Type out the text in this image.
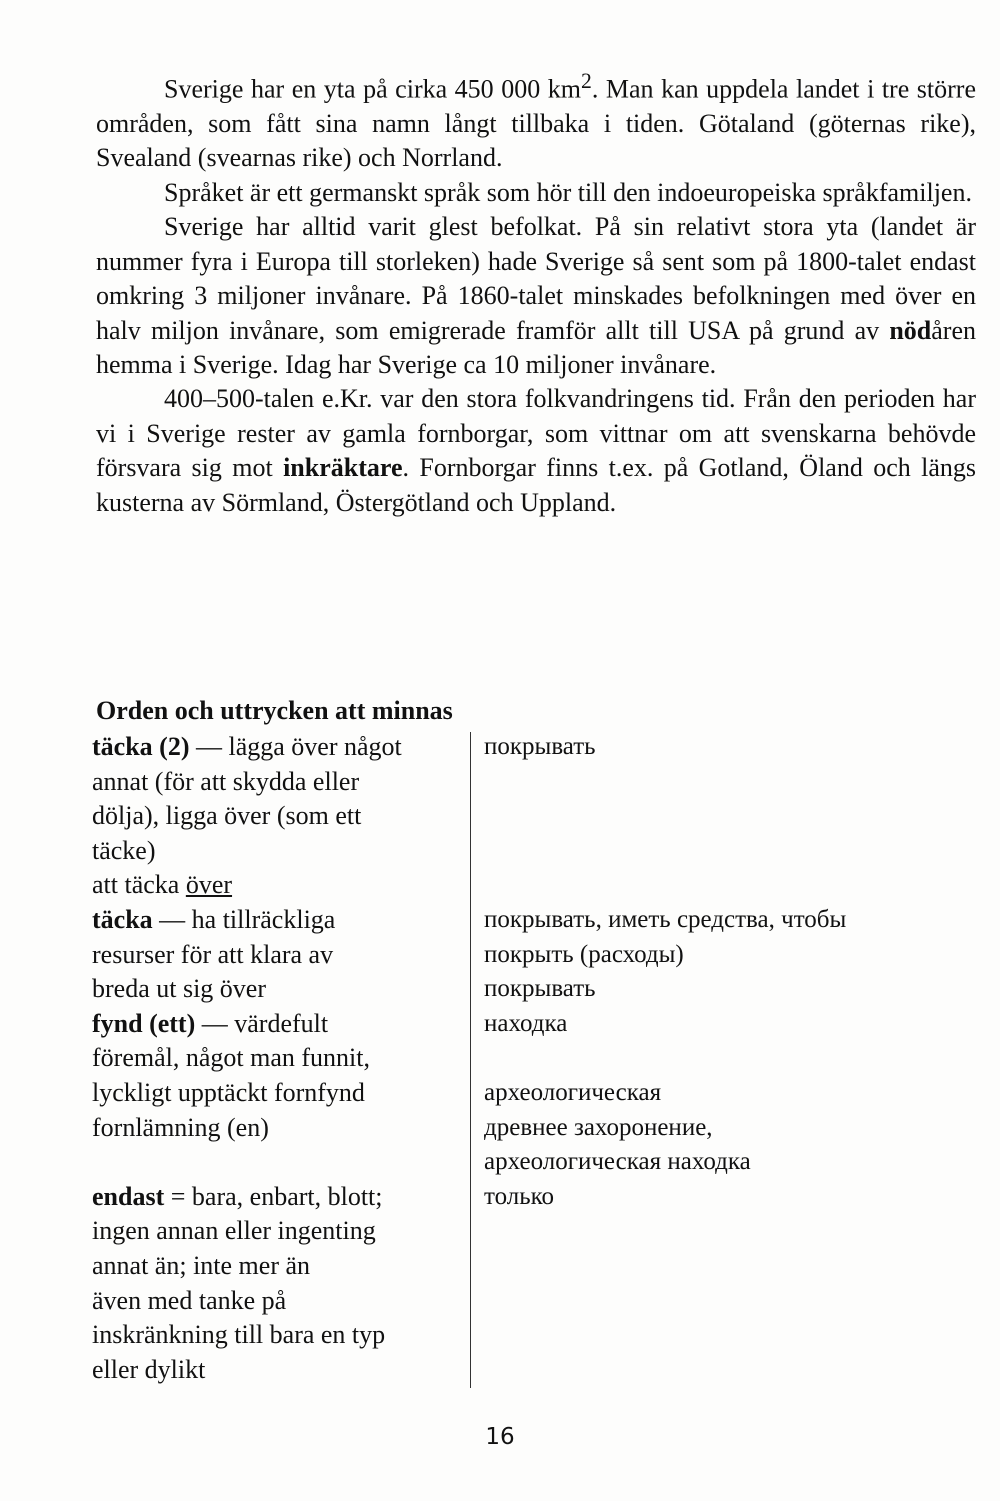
Sverige har en yta på cirka 450 000 $km^2$. Man kan uppdela landet i tre större områden, som fått sina namn långt tillbaka i tiden. Götaland (göternas rike), Svealand (svearnas rike) och Norrland.

Språket är ett germanskt språk som hör till den indoeuropeiska språkfamiljen.

Sverige har alltid varit glest befolkat. På sin relativt stora yta (landet är nummer fyra i Europa till storleken) hade Sverige så sent som på 1800-talet endast omkring 3 miljoner invånare. På 1860-talet minskades befolkningen med över en halv miljon invånare, som emigrerade framför allt till USA på grund av nödåren hemma i Sverige. Idag har Sverige ca 10 miljoner invånare.

400–500-talen e.Kr. var den stora folkvandringens tid. Från den perioden har vi i Sverige rester av gamla fornborgar, som vittnar om att svenskarna behövde försvara sig mot inkräktare. Fornborgar finns t.ex. på Gotland, Öland och längs kusterna av Sörmland, Östergötland och Uppland.

Orden och uttrycken att minnas
täcka (2) — lägga över något
annat (för att skydda eller
dölja), ligga över (som ett
täcke)
att täcka över
täcka — ha tillräckliga
resurser för att klara av
breda ut sig över
fynd (ett) — värdefult
föremål, något man funnit,
lyckligt upptäckt fornfynd
fornlämning (en)
endast = bara, enbart, blott;
ingen annan eller ingenting
annat än; inte mer än
även med tanke på
inskränkning till bara en typ
eller dylikt
покрывать
покрывать, иметь средства, чтобы
покрыть (расходы)
покрывать
находка
археологическая
древнее захоронение,
археологическая находка
только
16
